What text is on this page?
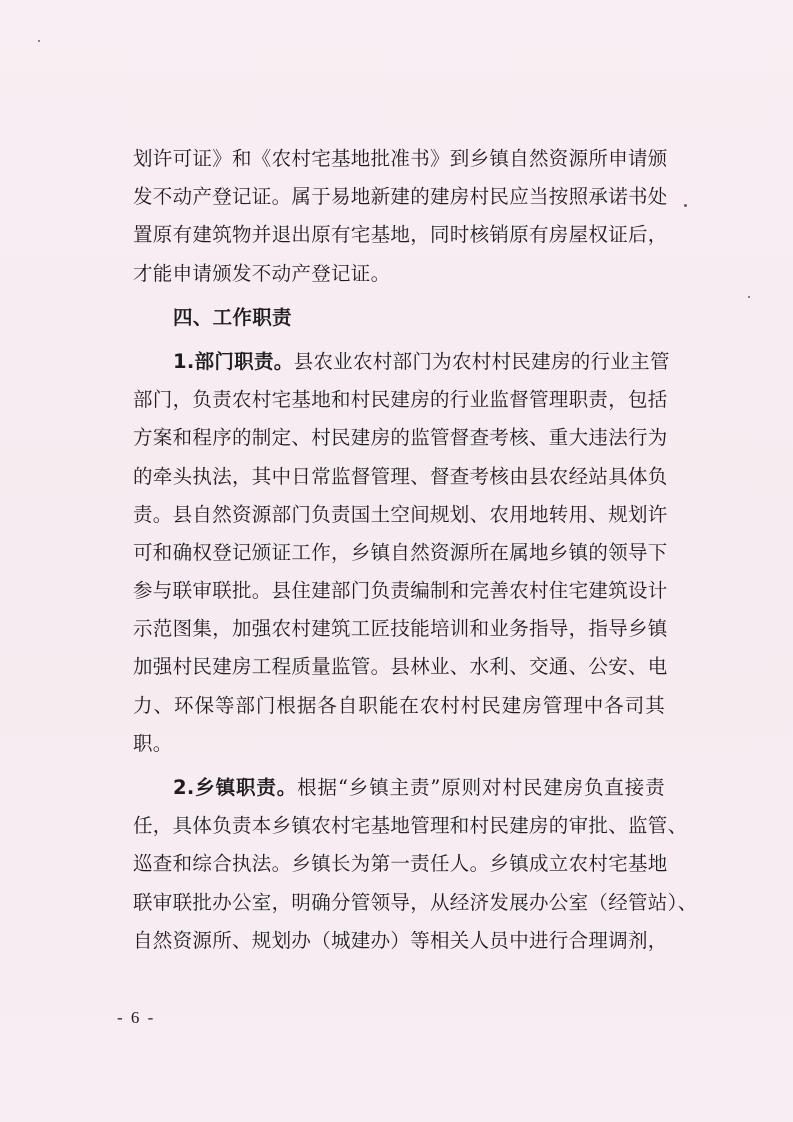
划许可证》和《农村宅基地批准书》到乡镇自然资源所申请颁
发不动产登记证。属于易地新建的建房村民应当按照承诺书处
置原有建筑物并退出原有宅基地，同时核销原有房屋权证后，
才能申请颁发不动产登记证。
四、工作职责
1.部门职责。县农业农村部门为农村村民建房的行业主管
部门，负责农村宅基地和村民建房的行业监督管理职责，包括
方案和程序的制定、村民建房的监管督查考核、重大违法行为
的牵头执法，其中日常监督管理、督查考核由县农经站具体负
责。县自然资源部门负责国土空间规划、农用地转用、规划许
可和确权登记颁证工作，乡镇自然资源所在属地乡镇的领导下
参与联审联批。县住建部门负责编制和完善农村住宅建筑设计
示范图集，加强农村建筑工匠技能培训和业务指导，指导乡镇
加强村民建房工程质量监管。县林业、水利、交通、公安、电
力、环保等部门根据各自职能在农村村民建房管理中各司其
职。
2.乡镇职责。根据“乡镇主责”原则对村民建房负直接责
任，具体负责本乡镇农村宅基地管理和村民建房的审批、监管、
巡查和综合执法。乡镇长为第一责任人。乡镇成立农村宅基地
联审联批办公室，明确分管领导，从经济发展办公室（经管站）、
自然资源所、规划办（城建办）等相关人员中进行合理调剂，
- 6 -
